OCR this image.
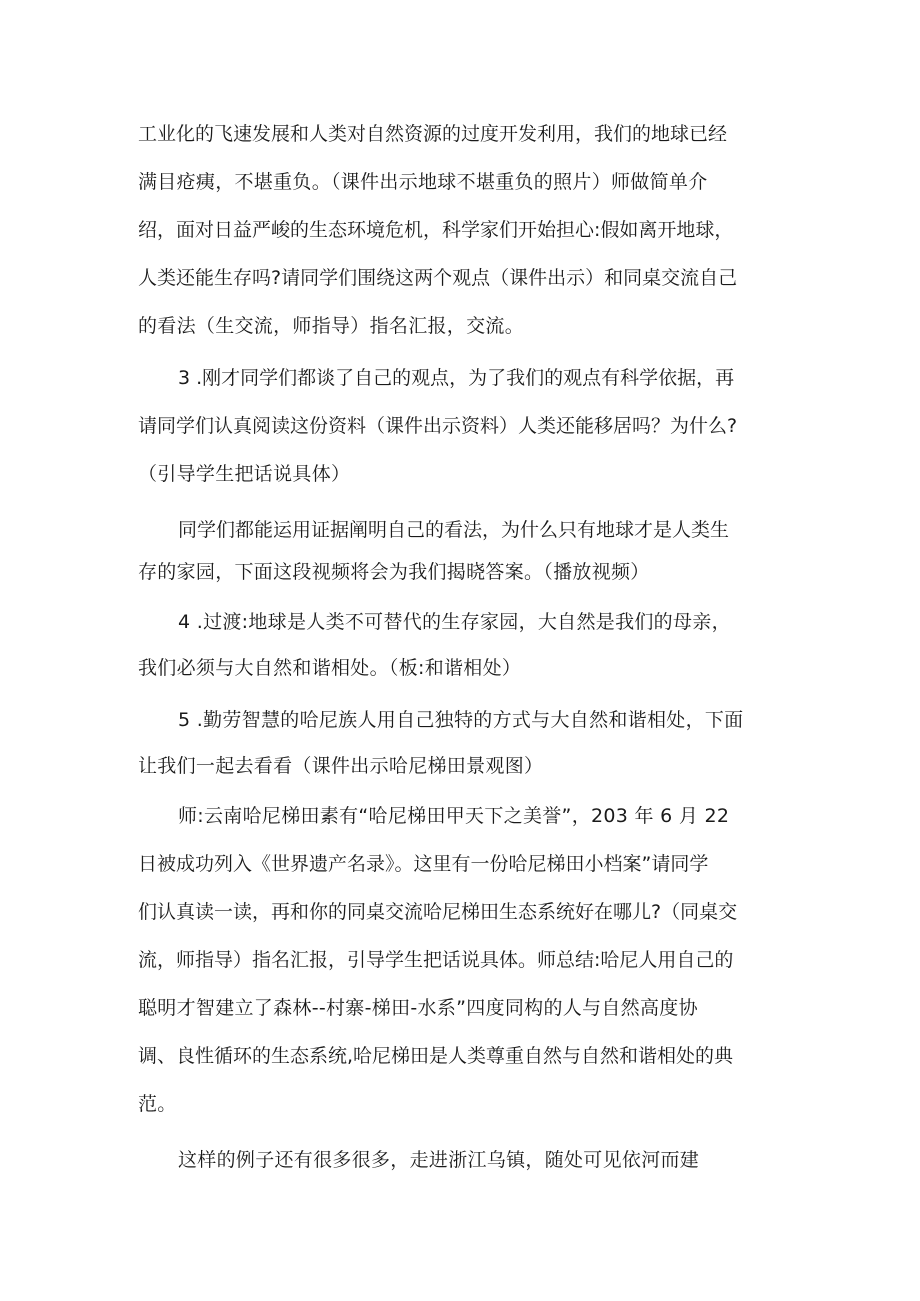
工业化的飞速发展和人类对自然资源的过度开发利用，我们的地球已经
满目疮痍，不堪重负。（课件出示地球不堪重负的照片）师做简单介
绍，面对日益严峻的生态环境危机，科学家们开始担心:假如离开地球，
人类还能生存吗?请同学们围绕这两个观点（课件出示）和同桌交流自己
的看法（生交流，师指导）指名汇报，交流。
3 .刚才同学们都谈了自己的观点，为了我们的观点有科学依据，再
请同学们认真阅读这份资料（课件出示资料）人类还能移居吗？为什么?
（引导学生把话说具体）
同学们都能运用证据阐明自己的看法，为什么只有地球才是人类生
存的家园，下面这段视频将会为我们揭晓答案。（播放视频）
4 .过渡:地球是人类不可替代的生存家园，大自然是我们的母亲，
我们必须与大自然和谐相处。（板:和谐相处）
5 .勤劳智慧的哈尼族人用自己独特的方式与大自然和谐相处，下面
让我们一起去看看（课件出示哈尼梯田景观图）
师:云南哈尼梯田素有“哈尼梯田甲天下之美誉”，203 年 6 月 22
日被成功列入《世界遗产名录》。这里有一份哈尼梯田小档案”请同学
们认真读一读，再和你的同桌交流哈尼梯田生态系统好在哪儿?（同桌交
流，师指导）指名汇报，引导学生把话说具体。师总结:哈尼人用自己的
聪明才智建立了森林--村寨-梯田-水系”四度同构的人与自然高度协
调、良性循环的生态系统,哈尼梯田是人类尊重自然与自然和谐相处的典
范。
这样的例子还有很多很多，走进浙江乌镇，随处可见依河而建
